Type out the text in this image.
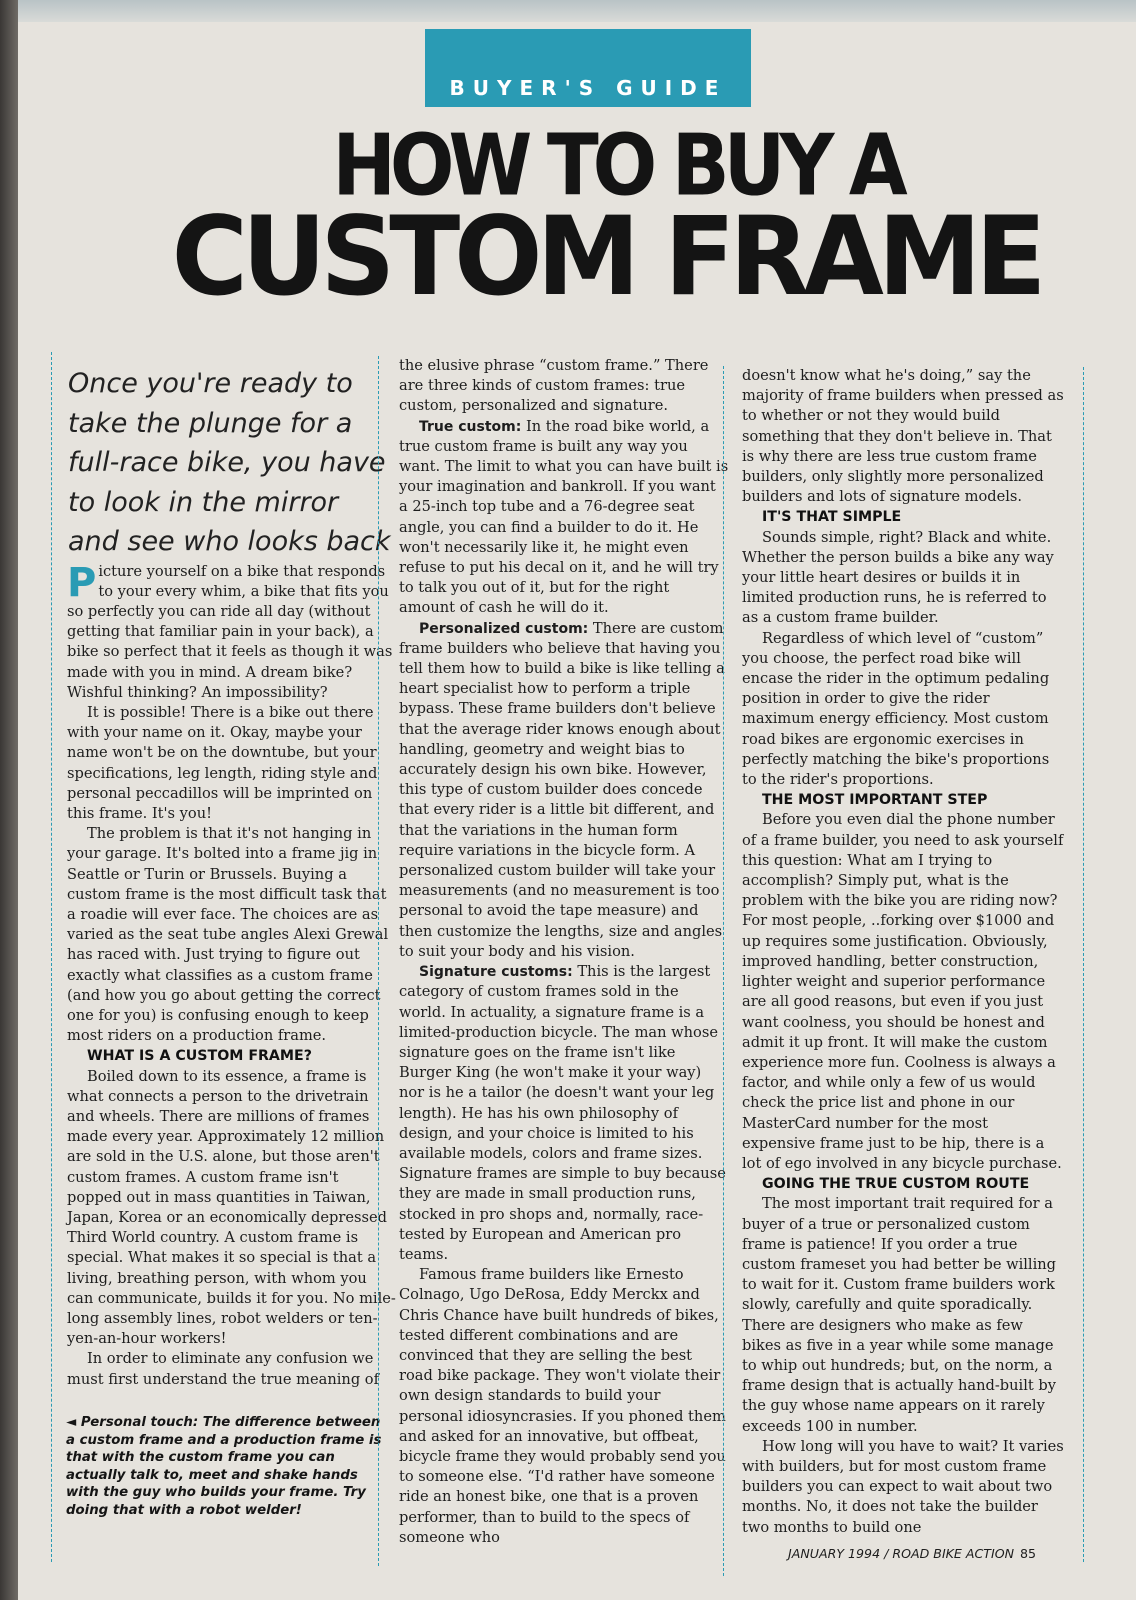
BUYER'S GUIDE
HOW TO BUY A
CUSTOM FRAME

Once you're ready to take the plunge for a full-race bike, you have to look in the mirror and see who looks back

Picture yourself on a bike that responds to your every whim, a bike that fits you so perfectly you can ride all day (without getting that familiar pain in your back), a bike so perfect that it feels as though it was made with you in mind. A dream bike? Wishful thinking? An impossibility?

It is possible! There is a bike out there with your name on it. Okay, maybe your name won't be on the downtube, but your specifications, leg length, riding style and personal peccadillos will be imprinted on this frame. It's you!

The problem is that it's not hanging in your garage. It's bolted into a frame jig in Seattle or Turin or Brussels. Buying a custom frame is the most difficult task that a roadie will ever face. The choices are as varied as the seat tube angles Alexi Grewal has raced with. Just trying to figure out exactly what classifies as a custom frame (and how you go about getting the correct one for you) is confusing enough to keep most riders on a production frame.

WHAT IS A CUSTOM FRAME?

Boiled down to its essence, a frame is what connects a person to the drivetrain and wheels. There are millions of frames made every year. Approximately 12 million are sold in the U.S. alone, but those aren't custom frames. A custom frame isn't popped out in mass quantities in Taiwan, Japan, Korea or an economically depressed Third World country. A custom frame is special. What makes it so special is that a living, breathing person, with whom you can communicate, builds it for you. No mile-long assembly lines, robot welders or ten-yen-an-hour workers!

In order to eliminate any confusion we must first understand the true meaning of

◄ Personal touch: The difference between a custom frame and a production frame is that with the custom frame you can actually talk to, meet and shake hands with the guy who builds your frame. Try doing that with a robot welder!

the elusive phrase “custom frame.” There are three kinds of custom frames: true custom, personalized and signature.

True custom: In the road bike world, a true custom frame is built any way you want. The limit to what you can have built is your imagination and bankroll. If you want a 25-inch top tube and a 76-degree seat angle, you can find a builder to do it. He won't necessarily like it, he might even refuse to put his decal on it, and he will try to talk you out of it, but for the right amount of cash he will do it.

Personalized custom: There are custom frame builders who believe that having you tell them how to build a bike is like telling a heart specialist how to perform a triple bypass. These frame builders don't believe that the average rider knows enough about handling, geometry and weight bias to accurately design his own bike. However, this type of custom builder does concede that every rider is a little bit different, and that the variations in the human form require variations in the bicycle form. A personalized custom builder will take your measurements (and no measurement is too personal to avoid the tape measure) and then customize the lengths, size and angles to suit your body and his vision.

Signature customs: This is the largest category of custom frames sold in the world. In actuality, a signature frame is a limited-production bicycle. The man whose signature goes on the frame isn't like Burger King (he won't make it your way) nor is he a tailor (he doesn't want your leg length). He has his own philosophy of design, and your choice is limited to his available models, colors and frame sizes. Signature frames are simple to buy because they are made in small production runs, stocked in pro shops and, normally, race-tested by European and American pro teams.

Famous frame builders like Ernesto Colnago, Ugo DeRosa, Eddy Merckx and Chris Chance have built hundreds of bikes, tested different combinations and are convinced that they are selling the best road bike package. They won't violate their own design standards to build your personal idiosyncrasies. If you phoned them and asked for an innovative, but offbeat, bicycle frame they would probably send you to someone else. “I'd rather have someone ride an honest bike, one that is a proven performer, than to build to the specs of someone who

doesn't know what he's doing,” say the majority of frame builders when pressed as to whether or not they would build something that they don't believe in. That is why there are less true custom frame builders, only slightly more personalized builders and lots of signature models.

IT'S THAT SIMPLE

Sounds simple, right? Black and white. Whether the person builds a bike any way your little heart desires or builds it in limited production runs, he is referred to as a custom frame builder.

Regardless of which level of “custom” you choose, the perfect road bike will encase the rider in the optimum pedaling position in order to give the rider maximum energy efficiency. Most custom road bikes are ergonomic exercises in perfectly matching the bike's proportions to the rider's proportions.

THE MOST IMPORTANT STEP

Before you even dial the phone number of a frame builder, you need to ask yourself this question: What am I trying to accomplish? Simply put, what is the problem with the bike you are riding now? For most people, ..forking over $1000 and up requires some justification. Obviously, improved handling, better construction, lighter weight and superior performance are all good reasons, but even if you just want coolness, you should be honest and admit it up front. It will make the custom experience more fun. Coolness is always a factor, and while only a few of us would check the price list and phone in our MasterCard number for the most expensive frame just to be hip, there is a lot of ego involved in any bicycle purchase.

GOING THE TRUE CUSTOM ROUTE

The most important trait required for a buyer of a true or personalized custom frame is patience! If you order a true custom frameset you had better be willing to wait for it. Custom frame builders work slowly, carefully and quite sporadically. There are designers who make as few bikes as five in a year while some manage to whip out hundreds; but, on the norm, a frame design that is actually hand-built by the guy whose name appears on it rarely exceeds 100 in number.

How long will you have to wait? It varies with builders, but for most custom frame builders you can expect to wait about two months. No, it does not take the builder two months to build one

JANUARY 1994 / ROAD BIKE ACTION 85
